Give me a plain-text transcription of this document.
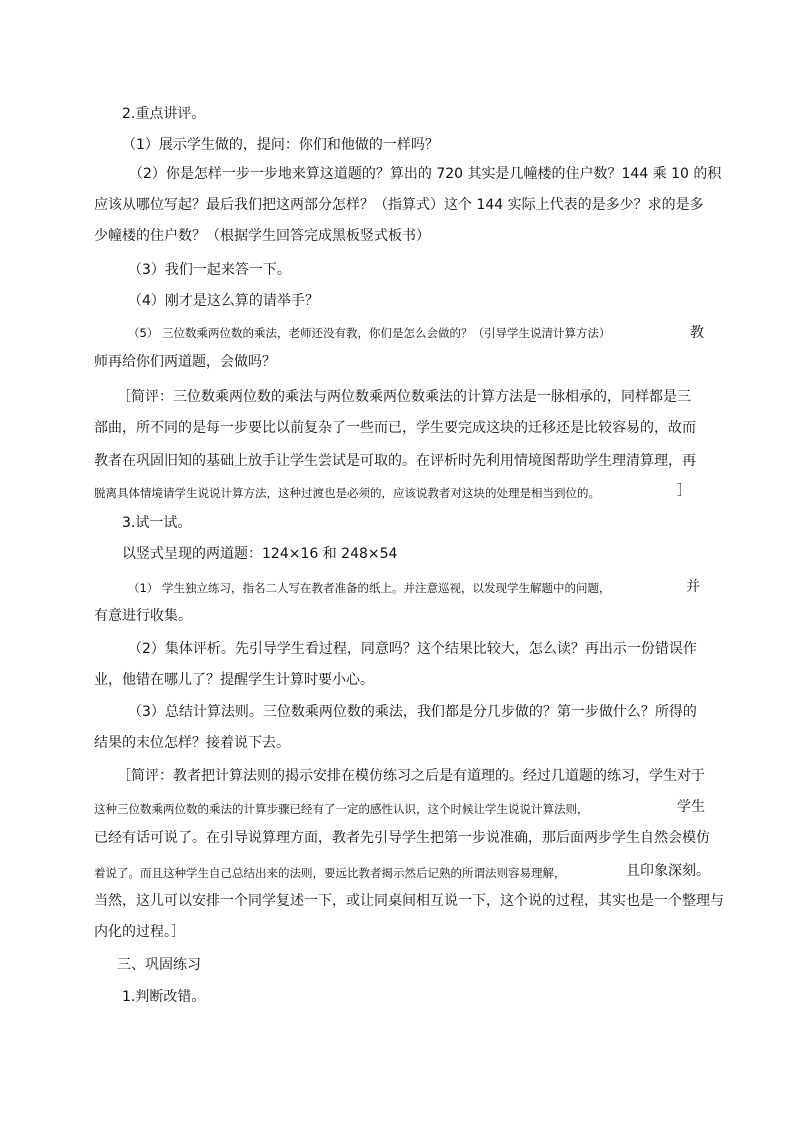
2.重点讲评。
（1）展示学生做的，提问：你们和他做的一样吗？
（2）你是怎样一步一步地来算这道题的？算出的 720 其实是几幢楼的住户数？144 乘 10 的积
应该从哪位写起？最后我们把这两部分怎样？（指算式）这个 144 实际上代表的是多少？求的是多
少幢楼的住户数？（根据学生回答完成黑板竖式板书）
（3）我们一起来答一下。
（4）刚才是这么算的请举手？
（5） 三位数乘两位数的乘法，老师还没有教，你们是怎么会做的？（引导学生说清计算方法）	教
师再给你们两道题，会做吗？
［简评：三位数乘两位数的乘法与两位数乘两位数乘法的计算方法是一脉相承的，同样都是三
部曲，所不同的是每一步要比以前复杂了一些而已，学生要完成这块的迁移还是比较容易的，故而
教者在巩固旧知的基础上放手让学生尝试是可取的。在评析时先利用情境图帮助学生理清算理，再
脱离具体情境请学生说说计算方法，这种过渡也是必须的，应该说教者对这块的处理是相当到位的。	］
3.试一试。
以竖式呈现的两道题：124×16 和 248×54
（1） 学生独立练习，指名二人写在教者准备的纸上。并注意巡视，以发现学生解题中的问题，	并
有意进行收集。
（2）集体评析。先引导学生看过程，同意吗？这个结果比较大，怎么读？再出示一份错误作
业，他错在哪儿了？提醒学生计算时要小心。
（3）总结计算法则。三位数乘两位数的乘法，我们都是分几步做的？第一步做什么？所得的
结果的末位怎样？接着说下去。
［简评：教者把计算法则的揭示安排在模仿练习之后是有道理的。经过几道题的练习，学生对于
这种三位数乘两位数的乘法的计算步骤已经有了一定的感性认识，这个时候让学生说说计算法则，	学生
已经有话可说了。在引导说算理方面，教者先引导学生把第一步说准确，那后面两步学生自然会模仿
着说了。而且这种学生自己总结出来的法则，要远比教者揭示然后记熟的所谓法则容易理解，	且印象深刻。
当然，这儿可以安排一个同学复述一下，或让同桌间相互说一下，这个说的过程，其实也是一个整理与
内化的过程。］
三、巩固练习
1.判断改错。
